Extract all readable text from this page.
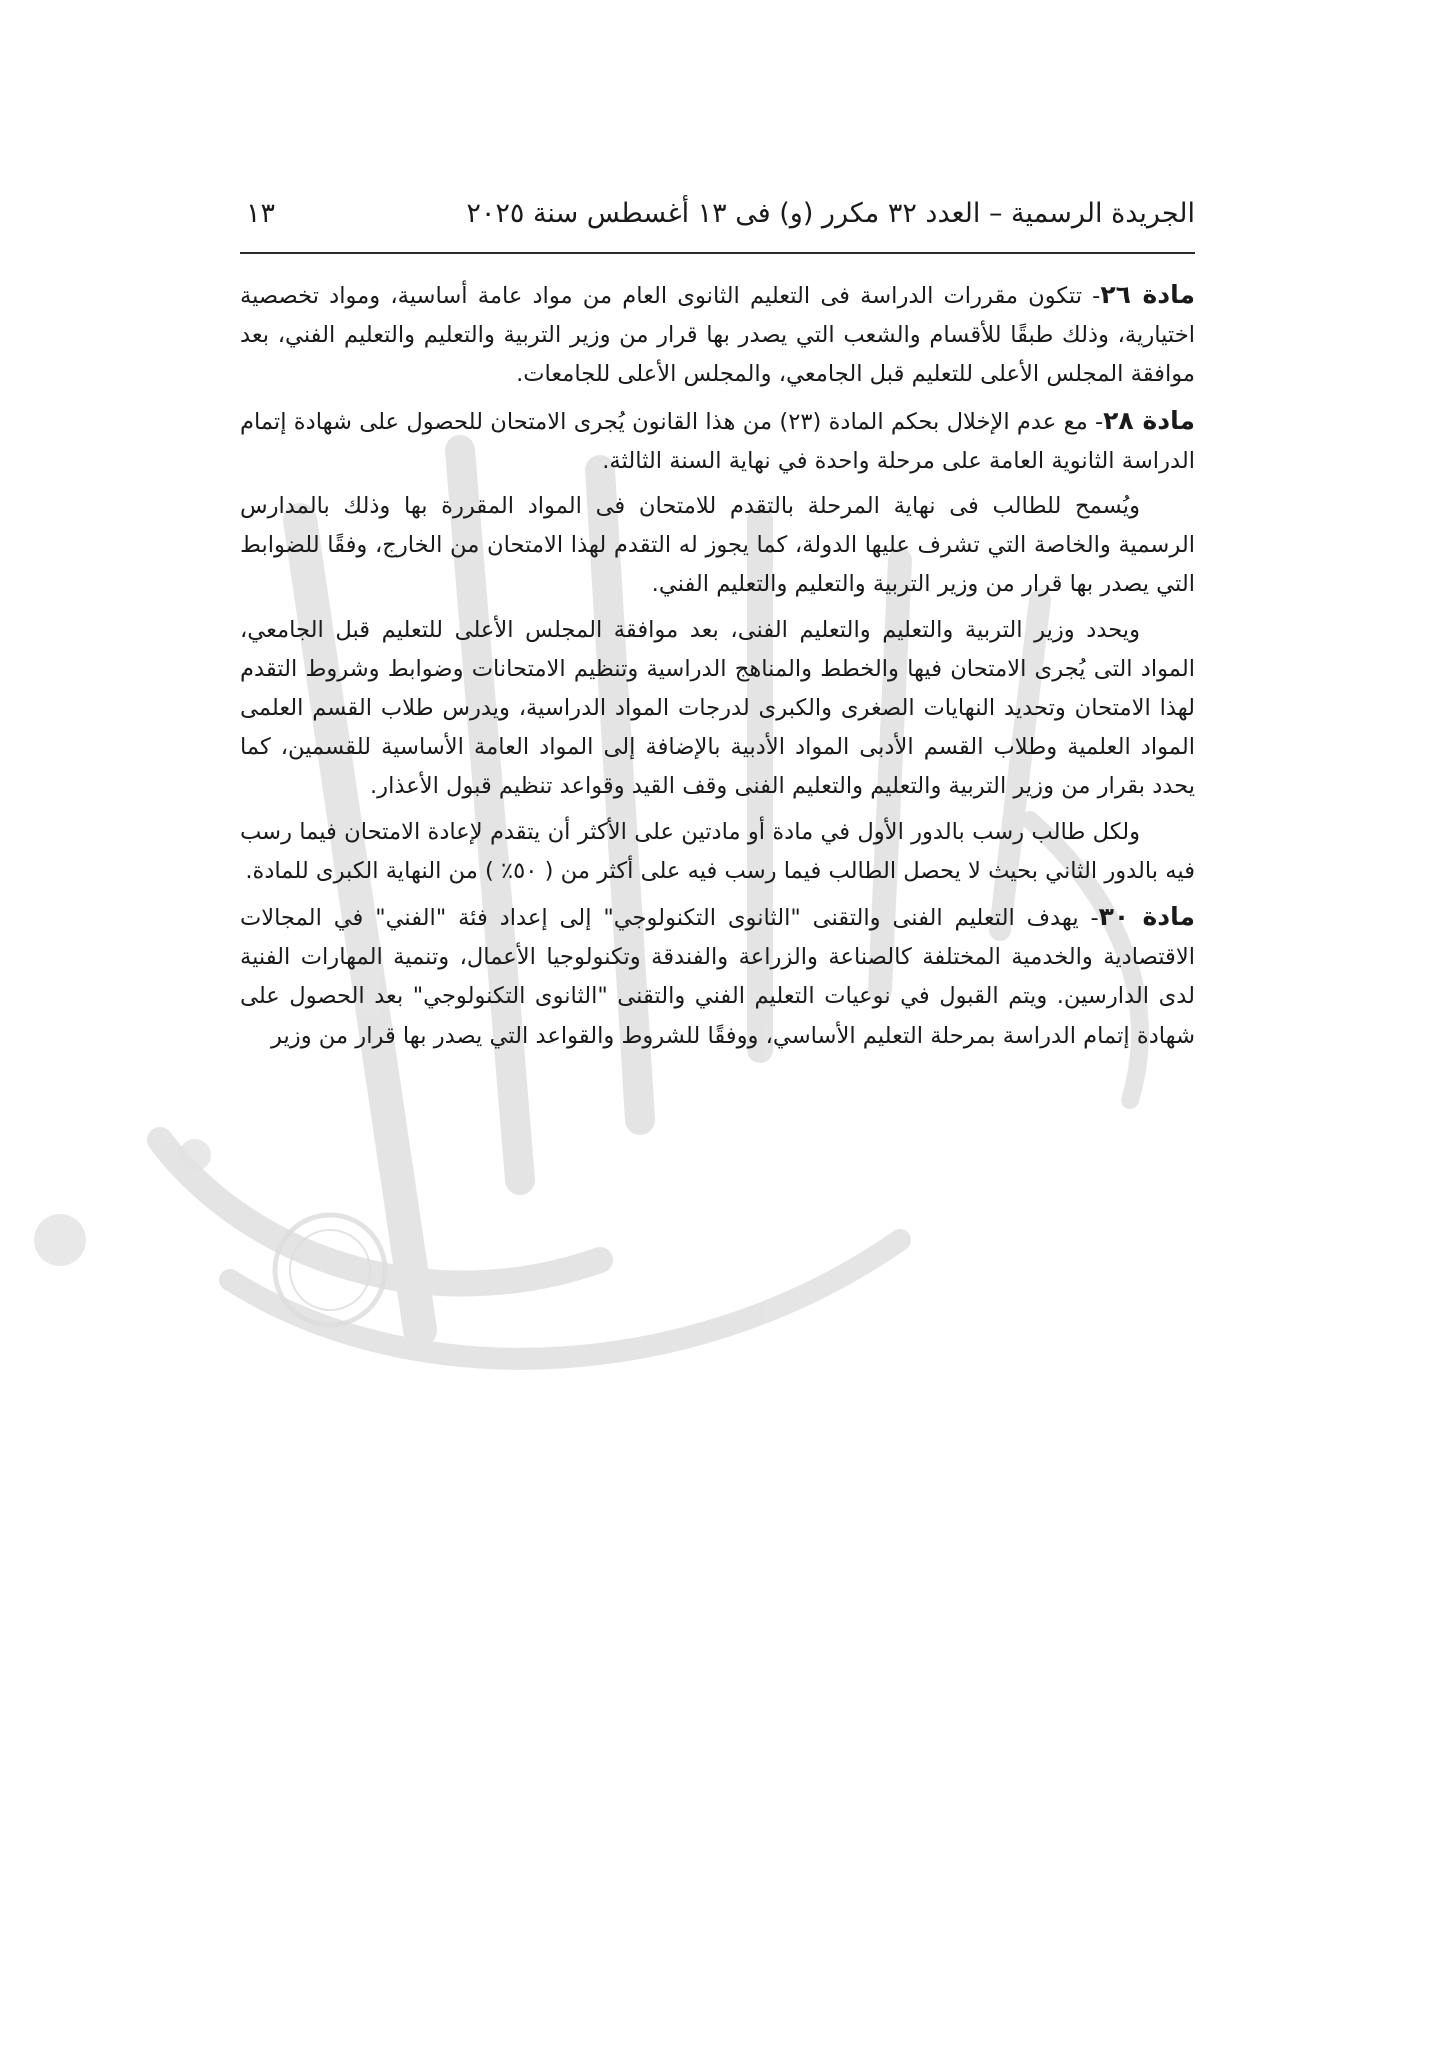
الجريدة الرسمية – العدد ٣٢ مكرر (و) فى ١٣ أغسطس سنة ٢٠٢٥
١٣

مادة ٢٦- تتكون مقررات الدراسة فى التعليم الثانوى العام من مواد عامة أساسية، ومواد تخصصية اختيارية، وذلك طبقًا للأقسام والشعب التي يصدر بها قرار من وزير التربية والتعليم والتعليم الفني، بعد موافقة المجلس الأعلى للتعليم قبل الجامعي، والمجلس الأعلى للجامعات.

مادة ٢٨- مع عدم الإخلال بحكم المادة (٢٣) من هذا القانون يُجرى الامتحان للحصول على شهادة إتمام الدراسة الثانوية العامة على مرحلة واحدة في نهاية السنة الثالثة.

ويُسمح للطالب فى نهاية المرحلة بالتقدم للامتحان فى المواد المقررة بها وذلك بالمدارس الرسمية والخاصة التي تشرف عليها الدولة، كما يجوز له التقدم لهذا الامتحان من الخارج، وفقًا للضوابط التي يصدر بها قرار من وزير التربية والتعليم والتعليم الفني.

ويحدد وزير التربية والتعليم والتعليم الفنى، بعد موافقة المجلس الأعلى للتعليم قبل الجامعي، المواد التى يُجرى الامتحان فيها والخطط والمناهج الدراسية وتنظيم الامتحانات وضوابط وشروط التقدم لهذا الامتحان وتحديد النهايات الصغرى والكبرى لدرجات المواد الدراسية، ويدرس طلاب القسم العلمى المواد العلمية وطلاب القسم الأدبى المواد الأدبية بالإضافة إلى المواد العامة الأساسية للقسمين، كما يحدد بقرار من وزير التربية والتعليم والتعليم الفنى وقف القيد وقواعد تنظيم قبول الأعذار.

ولكل طالب رسب بالدور الأول في مادة أو مادتين على الأكثر أن يتقدم لإعادة الامتحان فيما رسب فيه بالدور الثاني بحيث لا يحصل الطالب فيما رسب فيه على أكثر من ( ٥٠٪ ) من النهاية الكبرى للمادة.

مادة ٣٠- يهدف التعليم الفنى والتقنى "الثانوى التكنولوجي" إلى إعداد فئة "الفني" في المجالات الاقتصادية والخدمية المختلفة كالصناعة والزراعة والفندقة وتكنولوجيا الأعمال، وتنمية المهارات الفنية لدى الدارسين. ويتم القبول في نوعيات التعليم الفني والتقنى "الثانوى التكنولوجي" بعد الحصول على شهادة إتمام الدراسة بمرحلة التعليم الأساسي، ووفقًا للشروط والقواعد التي يصدر بها قرار من وزير
